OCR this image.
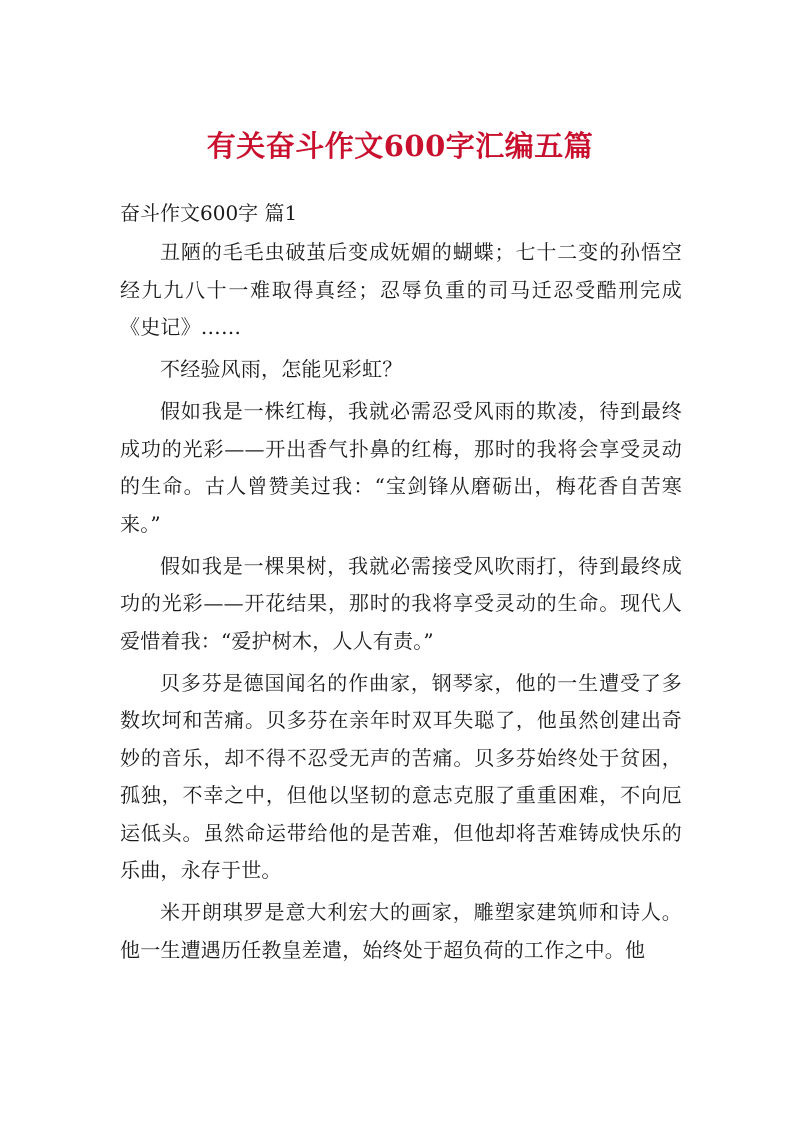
有关奋斗作文600字汇编五篇
奋斗作文600字 篇1

丑陋的毛毛虫破茧后变成妩媚的蝴蝶；七十二变的孙悟空经九九八十一难取得真经；忍辱负重的司马迁忍受酷刑完成《史记》……

不经验风雨，怎能见彩虹？

假如我是一株红梅，我就必需忍受风雨的欺凌，待到最终成功的光彩——开出香气扑鼻的红梅，那时的我将会享受灵动的生命。古人曾赞美过我：“宝剑锋从磨砺出，梅花香自苦寒来。”

假如我是一棵果树，我就必需接受风吹雨打，待到最终成功的光彩——开花结果，那时的我将享受灵动的生命。现代人爱惜着我：“爱护树木，人人有责。”

贝多芬是德国闻名的作曲家，钢琴家，他的一生遭受了多数坎坷和苦痛。贝多芬在亲年时双耳失聪了，他虽然创建出奇妙的音乐，却不得不忍受无声的苦痛。贝多芬始终处于贫困，孤独，不幸之中，但他以坚韧的意志克服了重重困难，不向厄运低头。虽然命运带给他的是苦难，但他却将苦难铸成快乐的乐曲，永存于世。

米开朗琪罗是意大利宏大的画家，雕塑家建筑师和诗人。他一生遭遇历任教皇差遣，始终处于超负荷的工作之中。他
